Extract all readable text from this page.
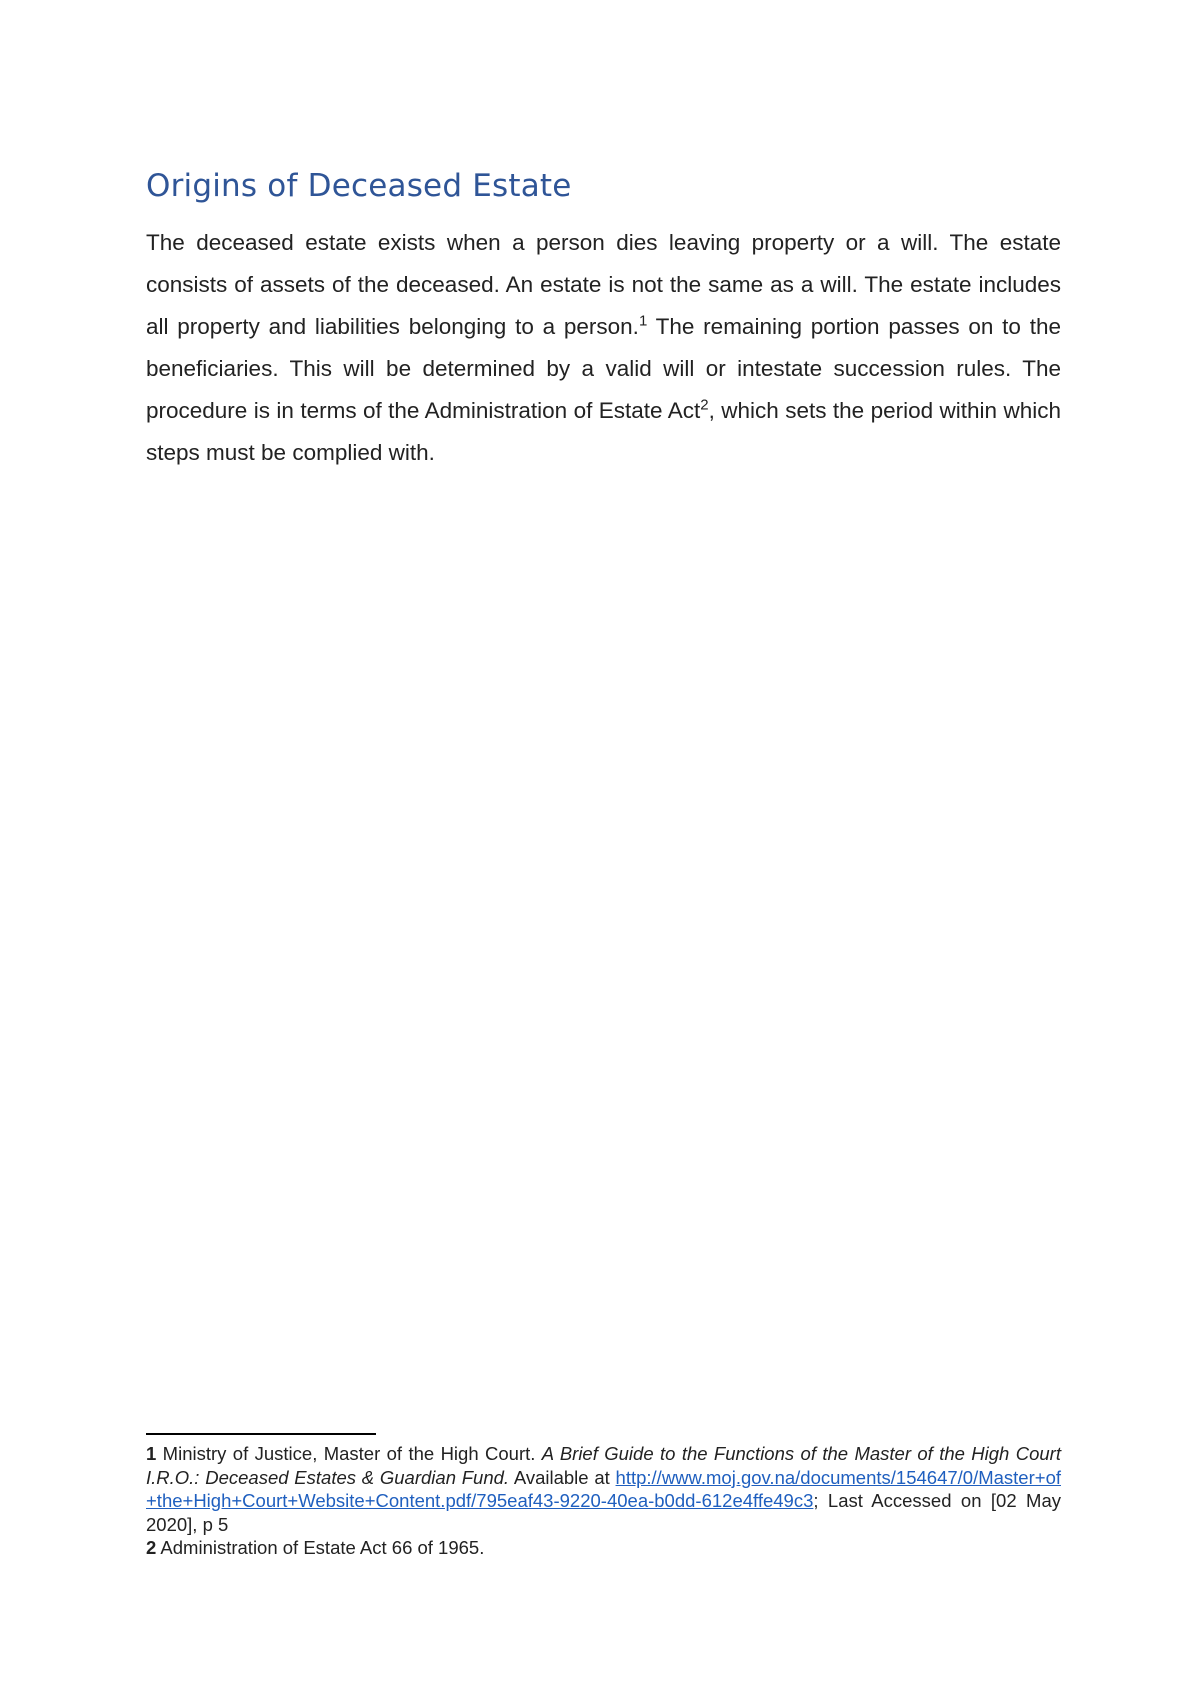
Origins of Deceased Estate

The deceased estate exists when a person dies leaving property or a will. The estate consists of assets of the deceased. An estate is not the same as a will. The estate includes all property and liabilities belonging to a person.$^1$ The remaining portion passes on to the beneficiaries. This will be determined by a valid will or intestate succession rules. The procedure is in terms of the Administration of Estate Act$^2$, which sets the period within which steps must be complied with.

1 Ministry of Justice, Master of the High Court. A Brief Guide to the Functions of the Master of the High Court I.R.O.: Deceased Estates & Guardian Fund. Available at http://www.moj.gov.na/documents/154647/0/Master+of+the+High+Court+Website+Content.pdf/795eaf43-9220-40ea-b0dd-612e4ffe49c3; Last Accessed on [02 May 2020], p 5

2 Administration of Estate Act 66 of 1965.
